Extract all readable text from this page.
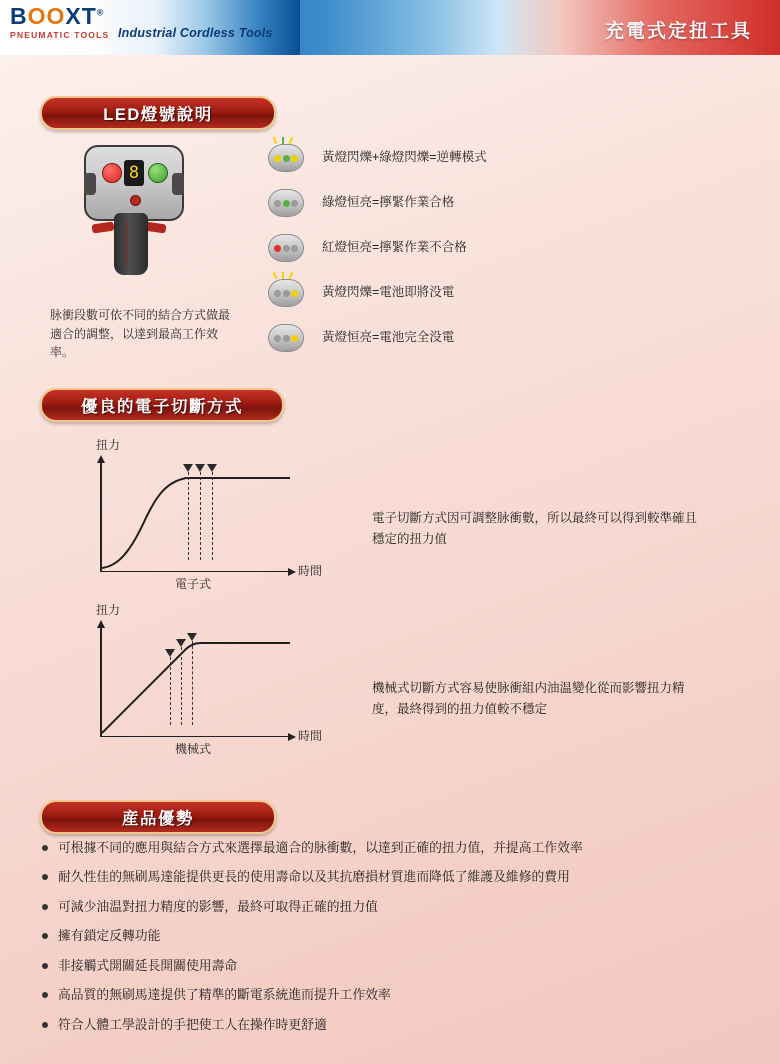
BOOXT®
PNEUMATIC TOOLS Industrial Cordless Tools	充電式定扭工具
LED燈號說明
8
脉衝段數可依不同的結合方式做最適合的調整，以達到最高工作效率。
黃燈閃爍+綠燈閃爍=逆轉模式
綠燈恒亮=擰緊作業合格
紅燈恒亮=擰緊作業不合格
黃燈閃爍=電池即將没電
黃燈恒亮=電池完全没電
優良的電子切斷方式
扭力
時間
電子式
電子切斷方式因可調整脉衝數，所以最終可以得到較準確且穩定的扭力值
扭力
時間
機械式
機械式切斷方式容易使脉衝組内油温變化從而影響扭力精度，最終得到的扭力值較不穩定
産品優勢
可根據不同的應用與結合方式來選擇最適合的脉衝數，以達到正確的扭力值，并提高工作效率
耐久性佳的無刷馬達能提供更長的使用壽命以及其抗磨損材質進而降低了維護及維修的費用
可減少油温對扭力精度的影響，最終可取得正確的扭力值
擁有鎖定反轉功能
非接觸式開關延長開關使用壽命
高品質的無刷馬達提供了精準的斷電系統進而提升工作效率
符合人體工學設計的手把使工人在操作時更舒適
